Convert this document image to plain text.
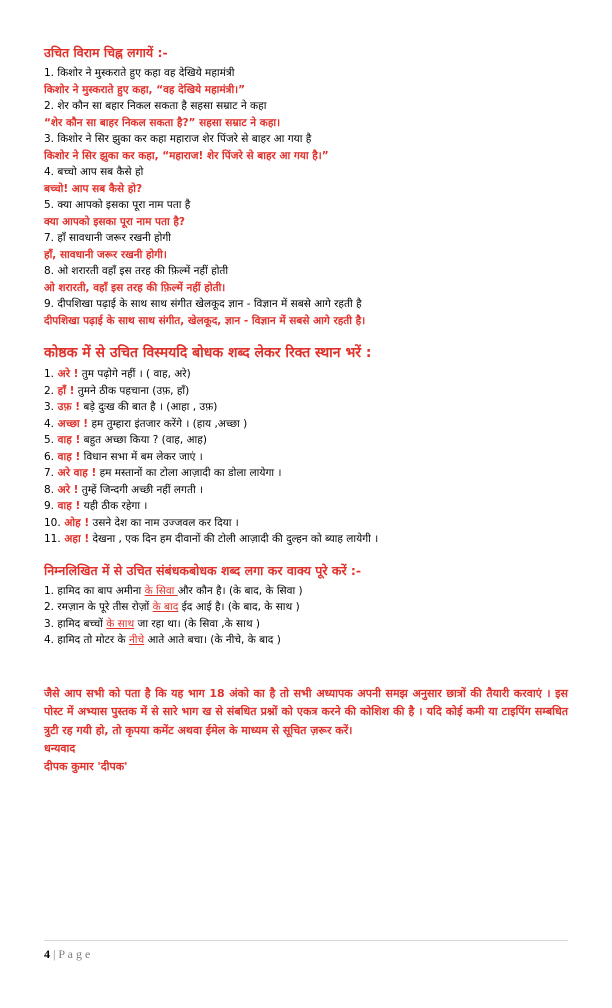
उचित विराम चिह्न लगायें :-
1. किशोर ने मुस्कराते हुए कहा वह देखिये महामंत्री
किशोर ने मुस्कराते हुए कहा, “वह देखिये महामंत्री।”
2. शेर कौन सा बहार निकल सकता है सहसा सम्राट ने कहा
“शेर कौन सा बाहर निकल सकता है?” सहसा सम्राट ने कहा।
3. किशोर ने सिर झुका कर कहा महाराज शेर पिंजरे से बाहर आ गया है
किशोर ने सिर झुका कर कहा, “महाराज! शेर पिंजरे से बाहर आ गया है।”
4. बच्चो आप सब कैसे हो
बच्चो! आप सब कैसे हो?
5. क्या आपको इसका पूरा नाम पता है
क्या आपको इसका पूरा नाम पता है?
7. हाँ सावधानी जरूर रखनी होगी
हाँ, सावधानी जरूर रखनी होगी।
8. ओ शरारती वहाँ इस तरह की फ़िल्में नहीं होती
ओ शरारती, वहाँ इस तरह की फ़िल्में नहीं होती।
9. दीपशिखा पढ़ाई के साथ साथ संगीत खेलकूद ज्ञान - विज्ञान में सबसे आगे रहती है
दीपशिखा पढ़ाई के साथ साथ संगीत, खेलकूद, ज्ञान - विज्ञान में सबसे आगे रहती है।
कोष्ठक में से उचित विस्मयदि बोधक शब्द लेकर रिक्त स्थान भरें :
1. अरे ! तुम पढ़ोगे नहीं । ( वाह, अरे)
2. हाँ ! तुमने ठीक पहचाना (उफ़, हाँ)
3. उफ़ ! बड़े दुःख की बात है । (आहा , उफ़)
4. अच्छा ! हम तुम्हारा इंतजार करेंगे । (हाय ,अच्छा )
5. वाह ! बहुत अच्छा किया ? (वाह, आह)
6. वाह ! विधान सभा में बम लेकर जाएं ।
7. अरे वाह ! हम मस्तानों का टोला आज़ादी का डोला लायेगा ।
8. अरे ! तुम्हें जिन्दगी अच्छी नहीं लगती ।
9. वाह ! यही ठीक रहेगा ।
10. ओह ! उसने देश का नाम उज्जवल कर दिया ।
11. अहा ! देखना , एक दिन हम दीवानों की टोली आज़ादी की दुल्हन को ब्याह लायेगी ।
निम्नलिखित में से उचित संबंधकबोधक शब्द लगा कर वाक्य पूरे करें :-
1. हामिद का बाप अमीना के सिवा और कौन है। (के बाद, के सिवा )
2. रमज़ान के पूरे तीस रोज़ों के बाद ईद आई है। (के बाद, के साथ )
3. हामिद बच्चों के साथ जा रहा था। (के सिवा ,के साथ )
4. हामिद तो मोटर के नीचे आते आते बचा। (के नीचे, के बाद )
जैसे आप सभी को पता है कि यह भाग 18 अंको का है तो सभी अध्यापक अपनी समझ अनुसार छात्रों की तैयारी करवाएं । इस पोस्ट में अभ्यास पुस्तक में से सारे भाग ख से संबधित प्रश्नों को एकत्र करने की कोशिश की है । यदि कोई कमी या टाइपिंग सम्बधित त्रुटी रह गयी हो, तो कृपया कमेंट अथवा ईमेल के माध्यम से सूचित ज़रूर करें।
धन्यवाद
दीपक कुमार 'दीपक'
4 | P a g e
